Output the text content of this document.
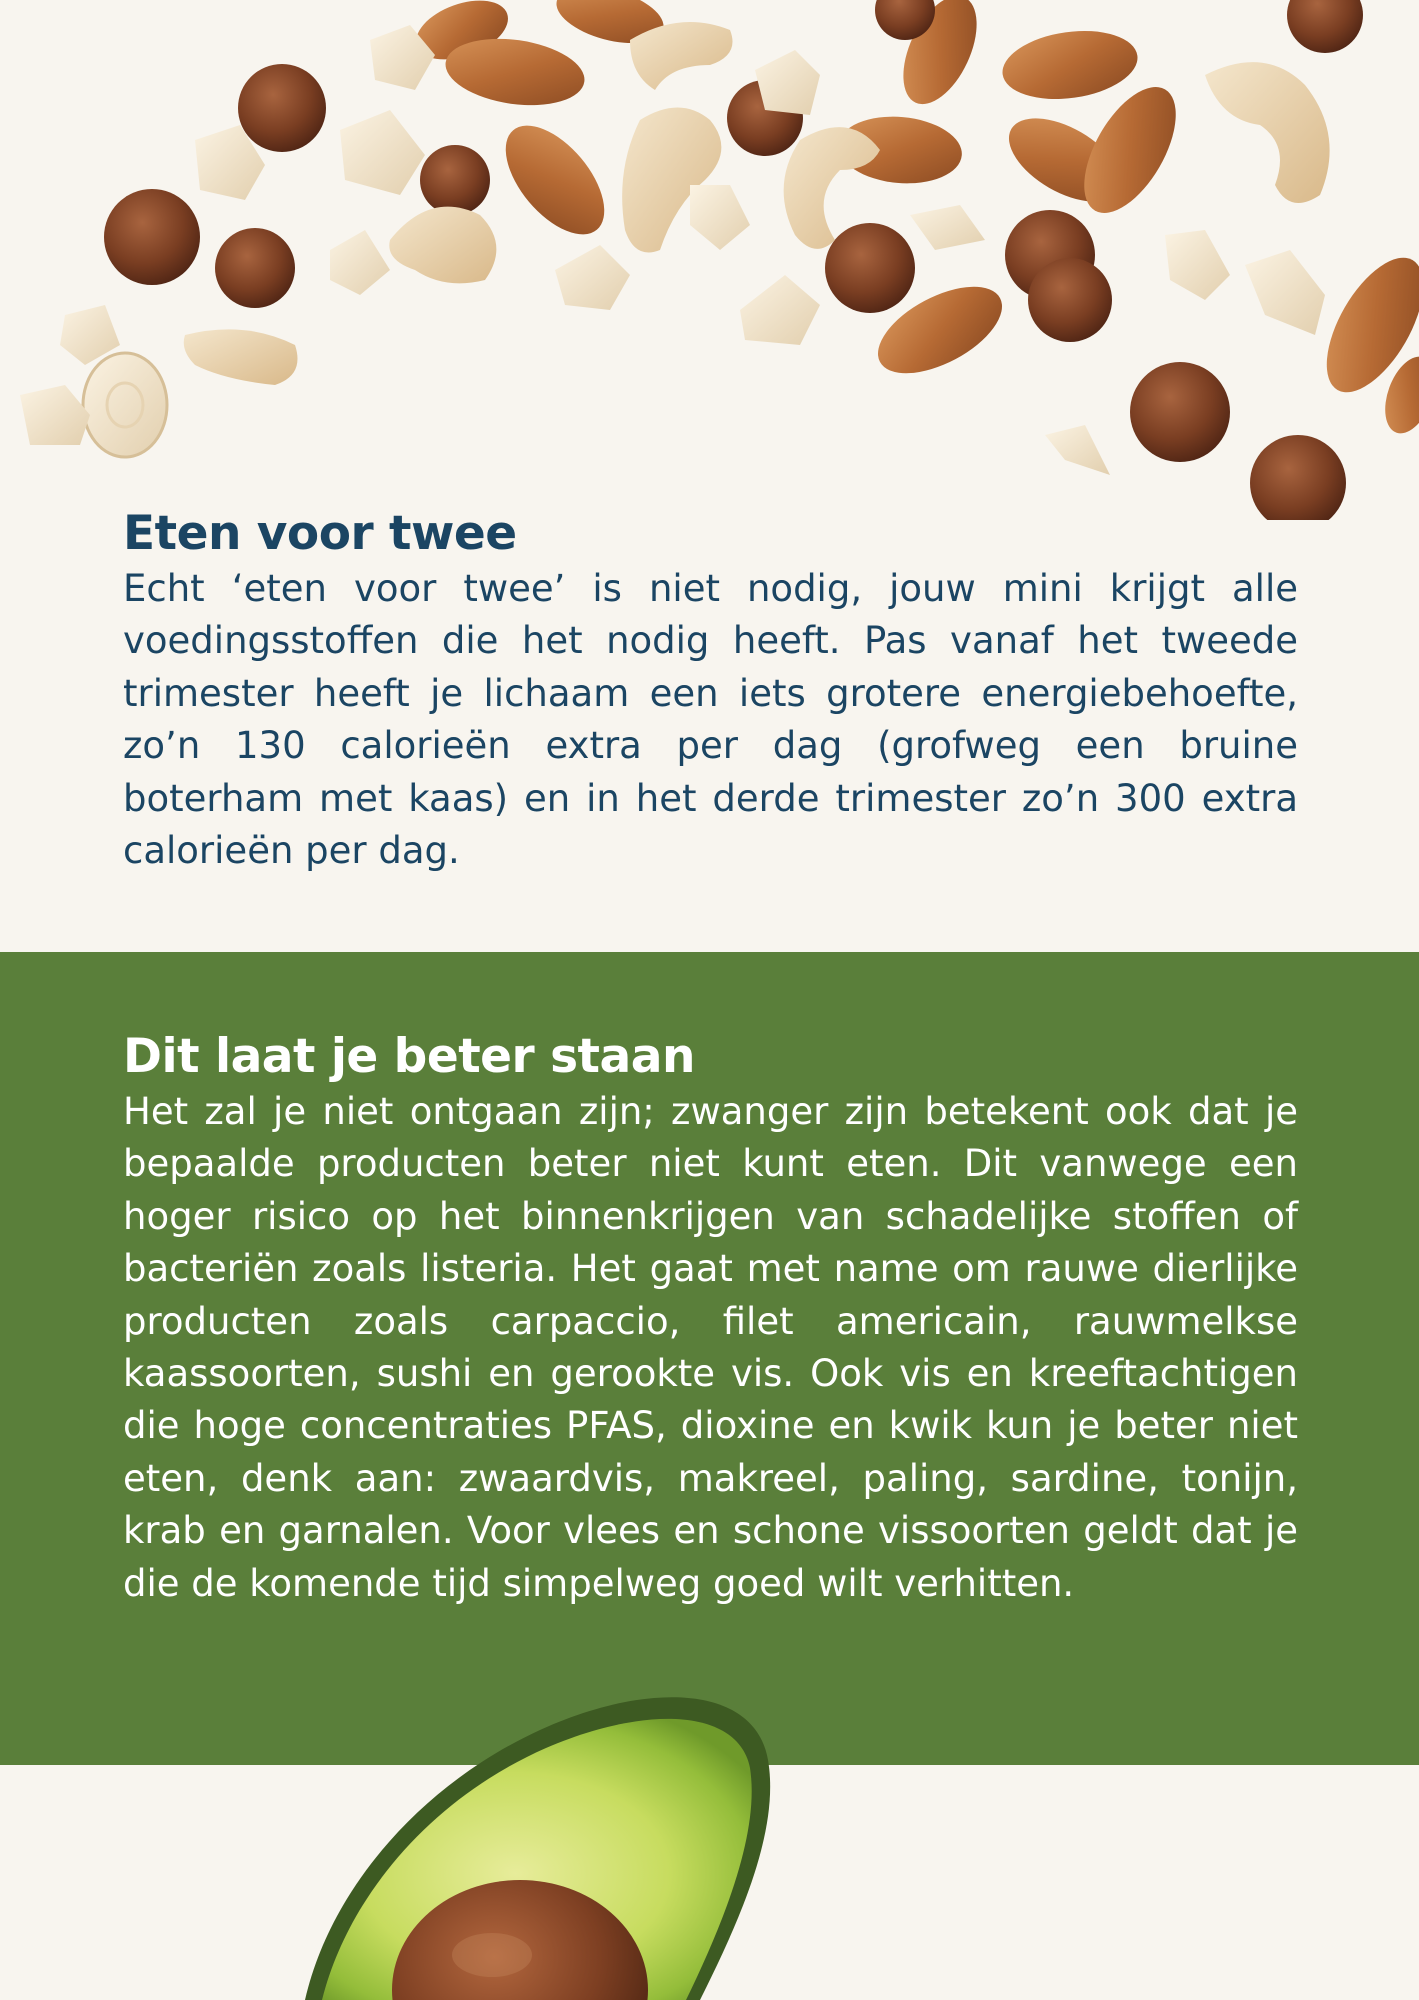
Eten voor twee

Echt ‘eten voor twee’ is niet nodig, jouw mini krijgt alle voedingsstoffen die het nodig heeft. Pas vanaf het tweede trimester heeft je lichaam een iets grotere energiebehoefte, zo’n 130 calorieën extra per dag (grofweg een bruine boterham met kaas) en in het derde trimester zo’n 300 extra calorieën per dag.

Dit laat je beter staan

Het zal je niet ontgaan zijn; zwanger zijn betekent ook dat je bepaalde producten beter niet kunt eten. Dit vanwege een hoger risico op het binnenkrijgen van schadelijke stoffen of bacteriën zoals listeria. Het gaat met name om rauwe dierlijke producten zoals carpaccio, filet americain, rauwmelkse kaassoorten, sushi en gerookte vis. Ook vis en kreeftachtigen die hoge concentraties PFAS, dioxine en kwik kun je beter niet eten, denk aan: zwaardvis, makreel, paling, sardine, tonijn, krab en garnalen. Voor vlees en schone vissoorten geldt dat je die de komende tijd simpelweg goed wilt verhitten.
